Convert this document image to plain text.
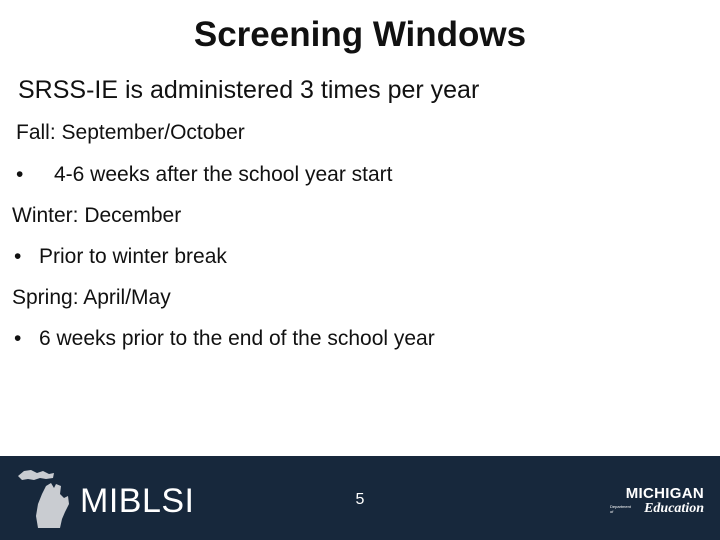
Screening Windows
SRSS-IE is administered 3 times per year
Fall: September/October
• 4-6 weeks after the school year start
Winter: December
• Prior to winter break
Spring: April/May
• 6 weeks prior to the end of the school year
MIBLSI	5	MICHIGAN
Department of	Education
